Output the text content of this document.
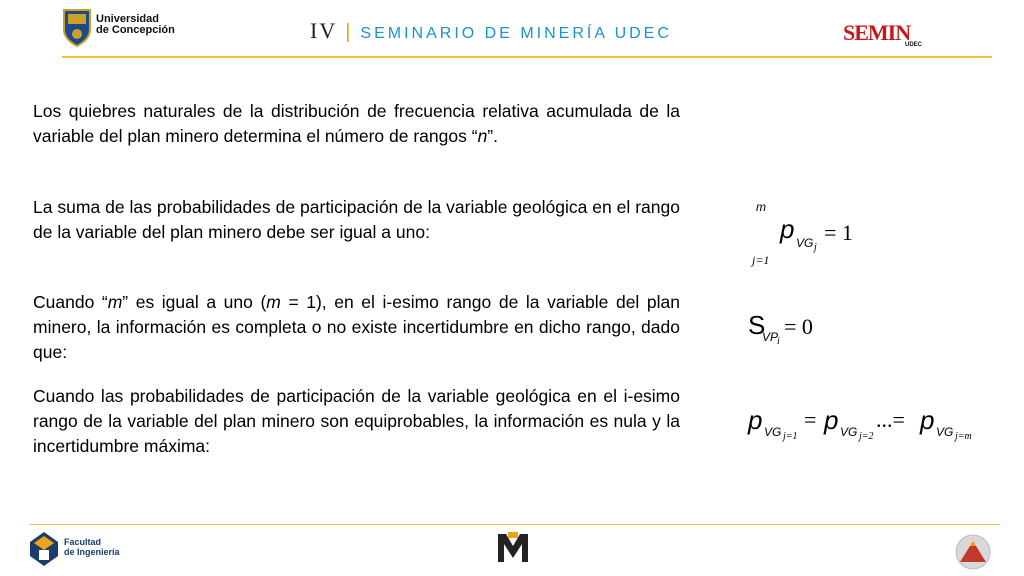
Universidad
de Concepción	IV | SEMINARIO DE MINERÍA UDEC	SEMIN
UDEC
Los quiebres naturales de la distribución de frecuencia relativa acumulada de la variable del plan minero determina el número de rangos “n”.
La suma de las probabilidades de participación de la variable geológica en el rango de la variable del plan minero debe ser igual a uno:
Cuando “m” es igual a uno (m = 1), en el i-esimo rango de la variable del plan minero, la información es completa o no existe incertidumbre en dicho rango, dado que:
Cuando las probabilidades de participación de la variable geológica en el i-esimo rango de la variable del plan minero son equiprobables, la información es nula y la incertidumbre máxima:
m
p VG j
= 1
j=1
S
VP
i
= 0
p VG j=1
= p VG j=2
...= p VG j=m
Facultad
de Ingeniería
